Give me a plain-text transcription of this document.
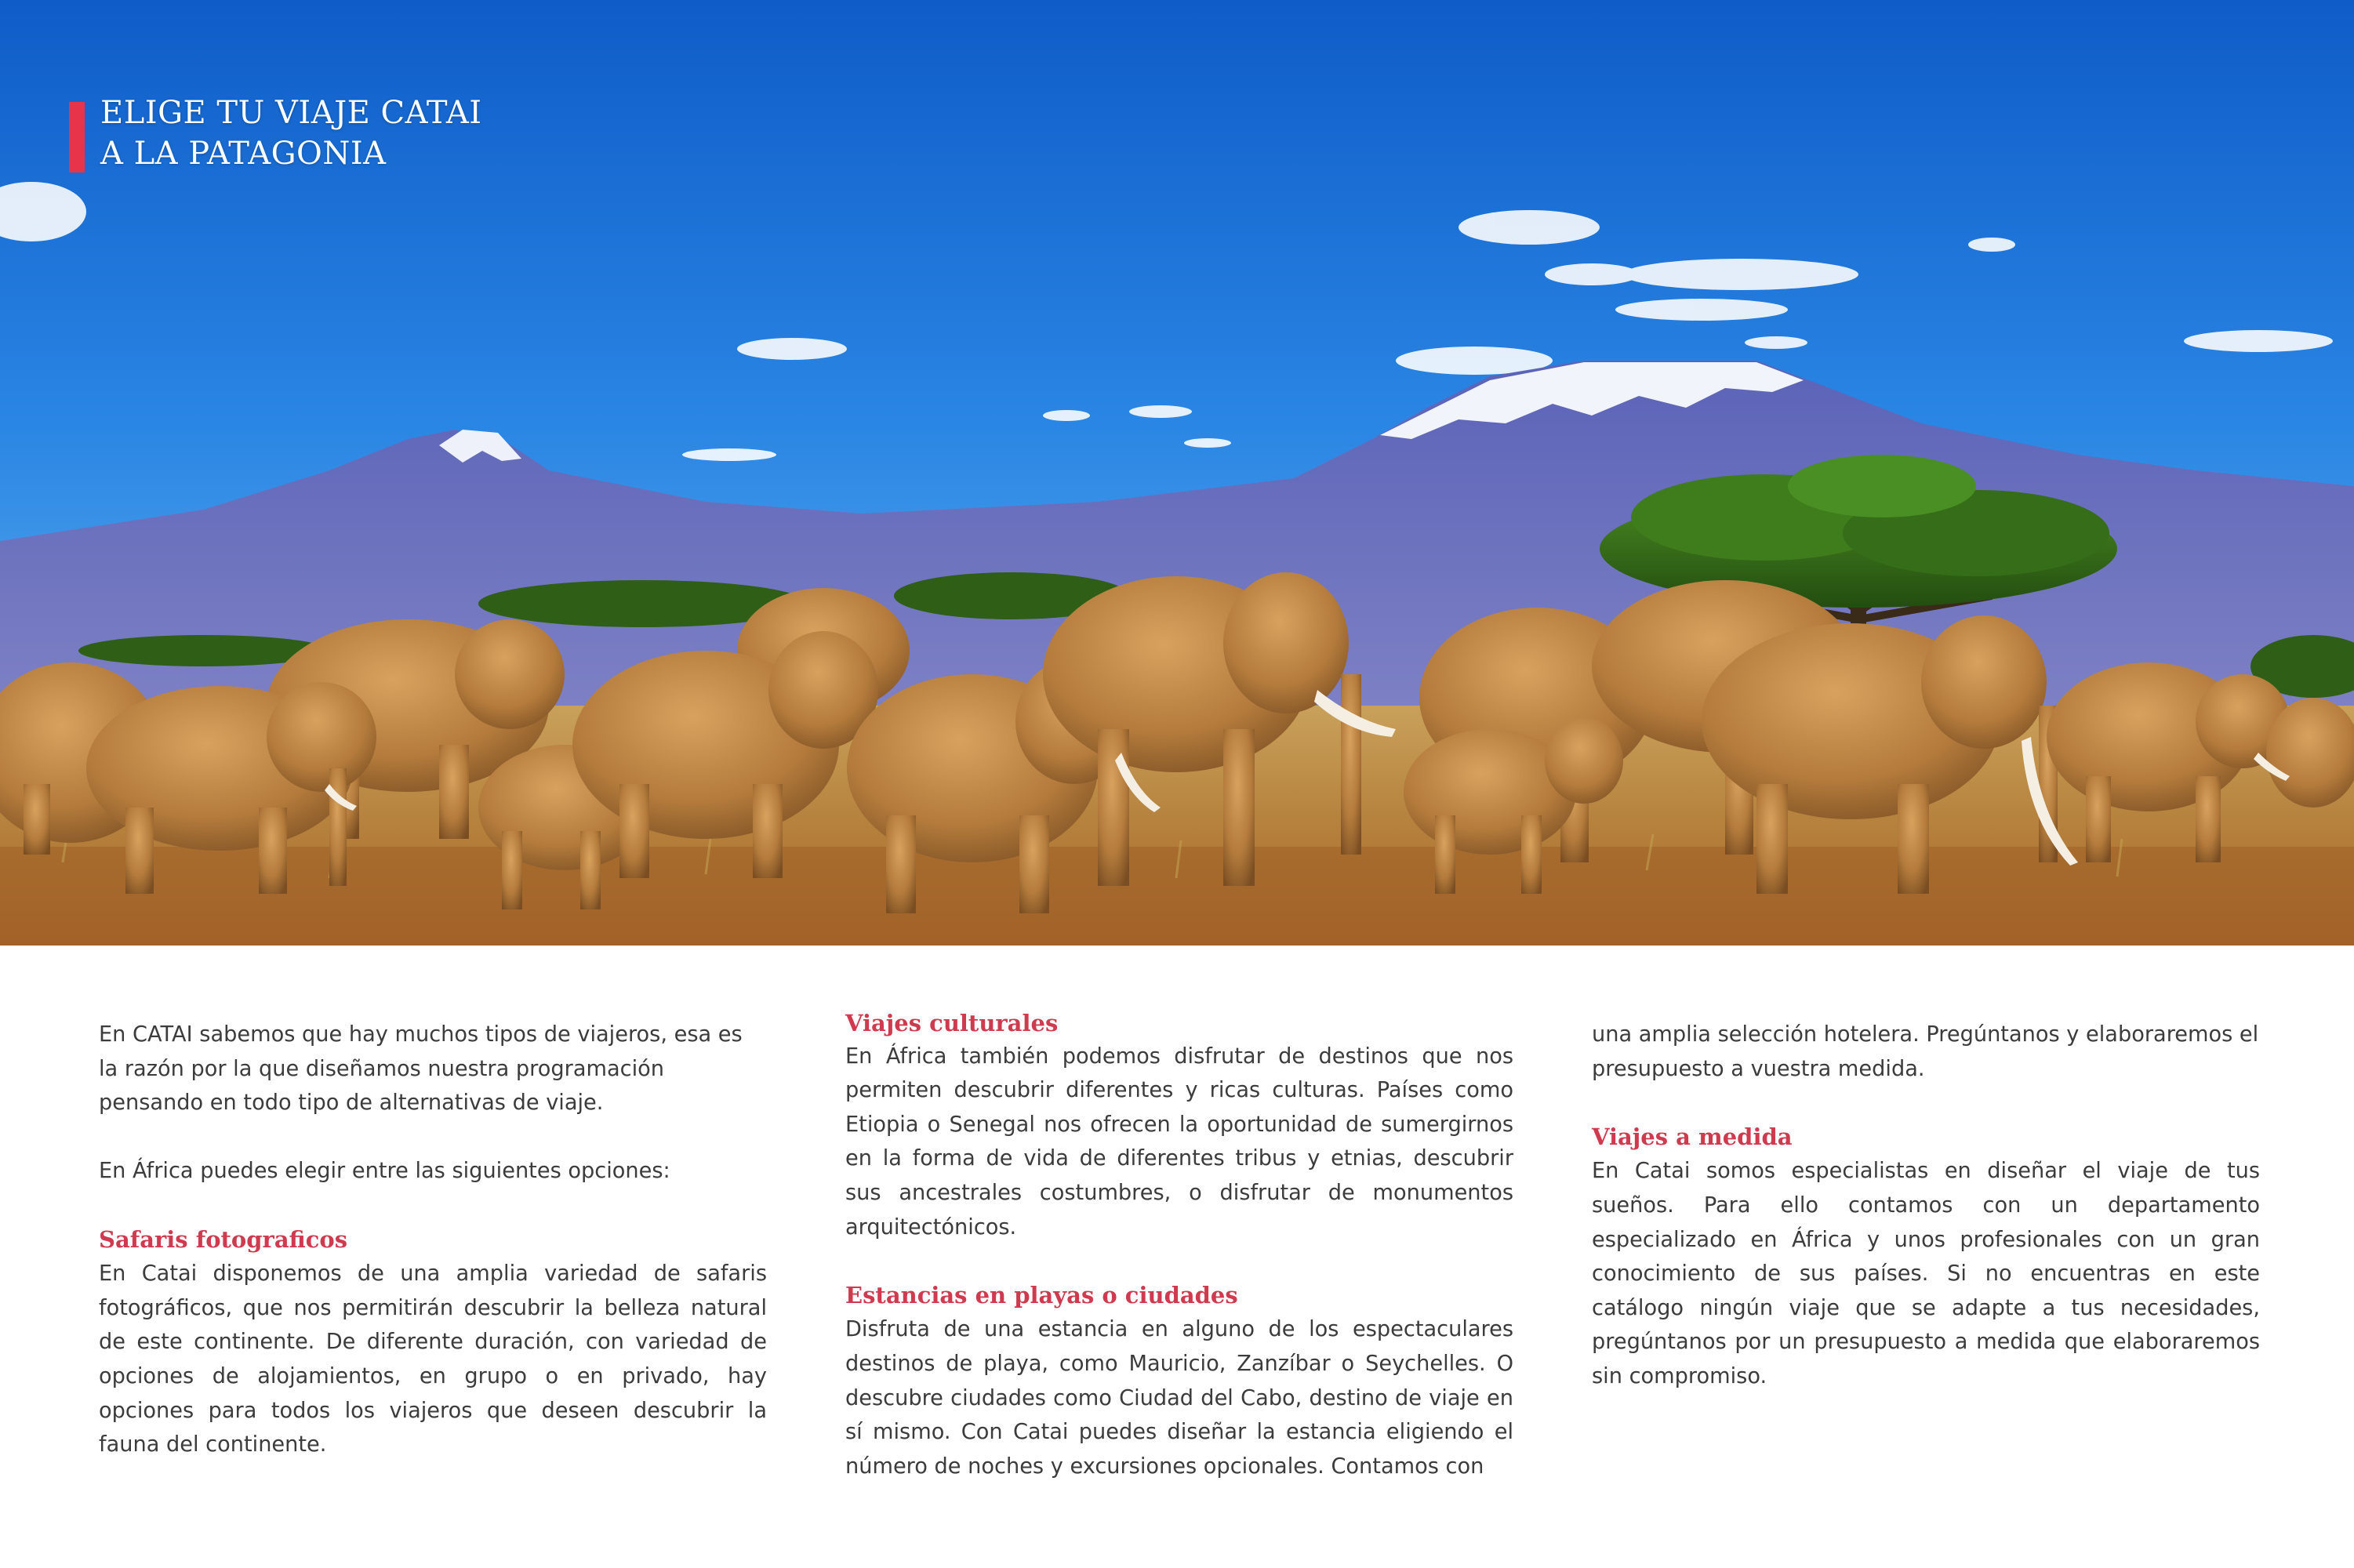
ELIGE TU VIAJE CATAI
A LA PATAGONIA

En CATAI sabemos que hay muchos tipos de viajeros, esa es la razón por la que diseñamos nuestra programación pensando en todo tipo de alternativas de viaje.

En África puedes elegir entre las siguientes opciones:

Safaris fotograficos

En Catai disponemos de una amplia variedad de safaris fotográficos, que nos permitirán descubrir la belleza natural de este continente. De diferente duración, con variedad de opciones de alojamientos, en grupo o en privado, hay opciones para todos los viajeros que deseen descubrir la fauna del continente.

Viajes culturales

En África también podemos disfrutar de destinos que nos permiten descubrir diferentes y ricas culturas. Países como Etiopia o Senegal nos ofrecen la oportunidad de sumergirnos en la forma de vida de diferentes tribus y etnias, descubrir sus ancestrales costumbres, o disfrutar de monumentos arquitectónicos.

Estancias en playas o ciudades

Disfruta de una estancia en alguno de los espectaculares destinos de playa, como Mauricio, Zanzíbar o Seychelles. O descubre ciudades como Ciudad del Cabo, destino de viaje en sí mismo. Con Catai puedes diseñar la estancia eligiendo el número de noches y excursiones opcionales. Contamos con

una amplia selección hotelera. Pregúntanos y elaboraremos el presupuesto a vuestra medida.

Viajes a medida

En Catai somos especialistas en diseñar el viaje de tus sueños. Para ello contamos con un departamento especializado en África y unos profesionales con un gran conocimiento de sus países. Si no encuentras en este catálogo ningún viaje que se adapte a tus necesidades, pregúntanos por un presupuesto a medida que elaboraremos sin compromiso.
